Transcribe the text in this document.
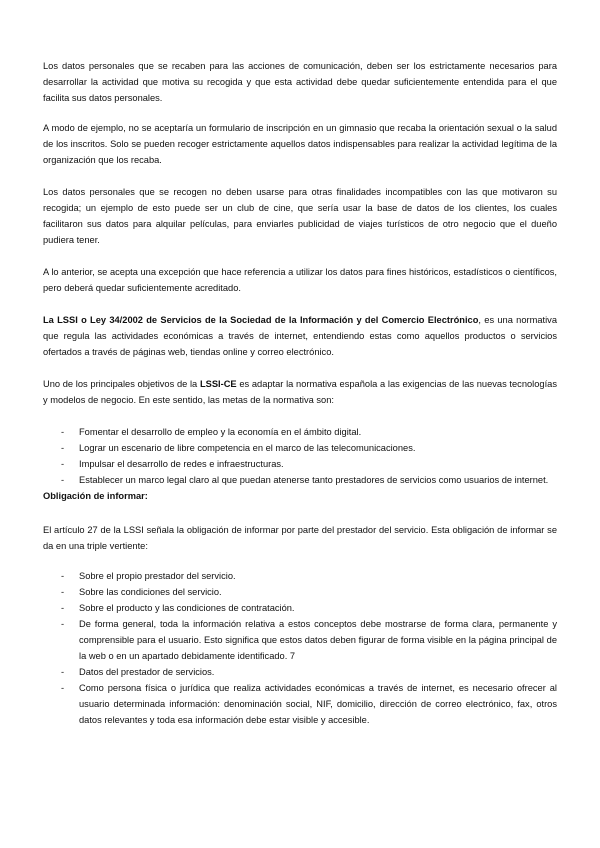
Los datos personales que se recaben para las acciones de comunicación, deben ser los estrictamente necesarios para desarrollar la actividad que motiva su recogida y que esta actividad debe quedar suficientemente entendida para el que facilita sus datos personales.

A modo de ejemplo, no se aceptaría un formulario de inscripción en un gimnasio que recaba la orientación sexual o la salud de los inscritos. Solo se pueden recoger estrictamente aquellos datos indispensables para realizar la actividad legítima de la organización que los recaba.

Los datos personales que se recogen no deben usarse para otras finalidades incompatibles con las que motivaron su recogida; un ejemplo de esto puede ser un club de cine, que sería usar la base de datos de los clientes, los cuales facilitaron sus datos para alquilar películas, para enviarles publicidad de viajes turísticos de otro negocio que el dueño pudiera tener.

A lo anterior, se acepta una excepción que hace referencia a utilizar los datos para fines históricos, estadísticos o científicos, pero deberá quedar suficientemente acreditado.

La LSSI o Ley 34/2002 de Servicios de la Sociedad de la Información y del Comercio Electrónico, es una normativa que regula las actividades económicas a través de internet, entendiendo estas como aquellos productos o servicios ofertados a través de páginas web, tiendas online y correo electrónico.

Uno de los principales objetivos de la LSSI-CE es adaptar la normativa española a las exigencias de las nuevas tecnologías y modelos de negocio. En este sentido, las metas de la normativa son:

- Fomentar el desarrollo de empleo y la economía en el ámbito digital.
- Lograr un escenario de libre competencia en el marco de las telecomunicaciones.
- Impulsar el desarrollo de redes e infraestructuras.
- Establecer un marco legal claro al que puedan atenerse tanto prestadores de servicios como usuarios de internet.

Obligación de informar:

El artículo 27 de la LSSI señala la obligación de informar por parte del prestador del servicio. Esta obligación de informar se da en una triple vertiente:

- Sobre el propio prestador del servicio.
- Sobre las condiciones del servicio.
- Sobre el producto y las condiciones de contratación.
- De forma general, toda la información relativa a estos conceptos debe mostrarse de forma clara, permanente y comprensible para el usuario. Esto significa que estos datos deben figurar de forma visible en la página principal de la web o en un apartado debidamente identificado. 7
- Datos del prestador de servicios.
- Como persona física o jurídica que realiza actividades económicas a través de internet, es necesario ofrecer al usuario determinada información: denominación social, NIF, domicilio, dirección de correo electrónico, fax, otros datos relevantes y toda esa información debe estar visible y accesible.
